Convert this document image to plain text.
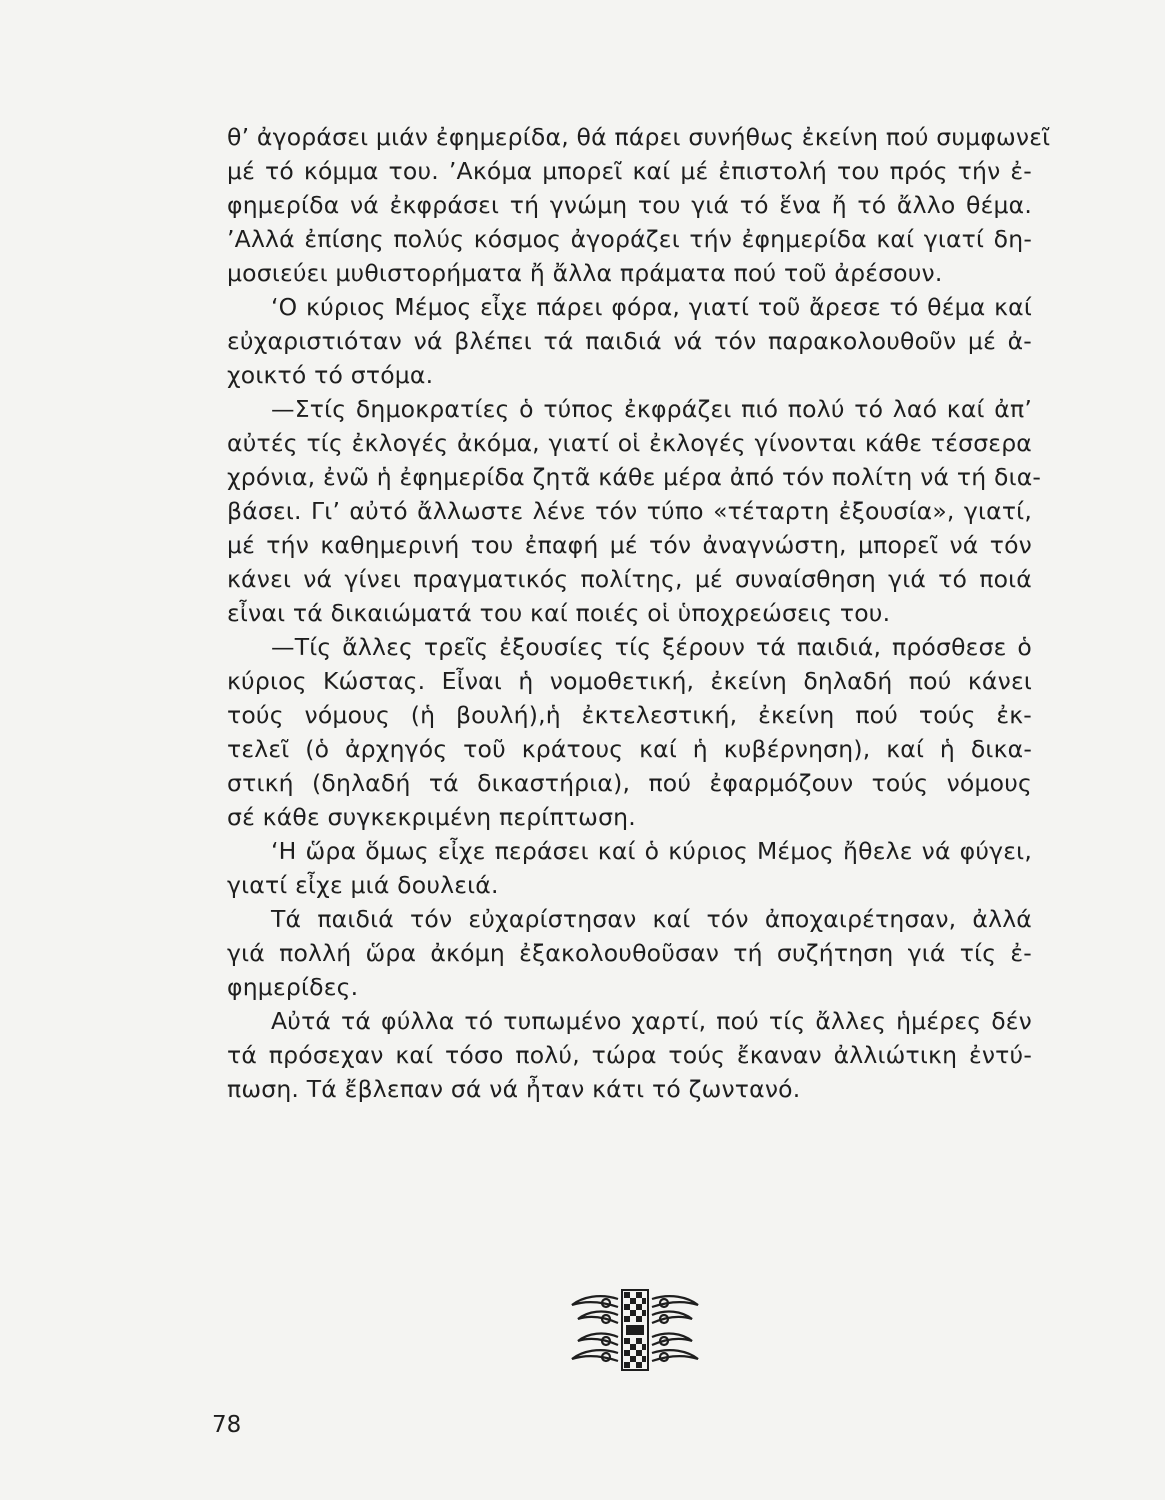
θ’ ἀγοράσει μιάν ἐφημερίδα, θά πάρει συνήθως ἐκείνη πού συμφωνεῖ
μέ τό κόμμα του. ’Ακόμα μπορεῖ καί μέ ἐπιστολή του πρός τήν ἐ-
φημερίδα νά ἐκφράσει τή γνώμη του γιά τό ἕνα ἤ τό ἄλλο θέμα.
’Αλλά ἐπίσης πολύς κόσμος ἀγοράζει τήν ἐφημερίδα καί γιατί δη-
μοσιεύει μυθιστορήματα ἤ ἄλλα πράματα πού τοῦ ἀρέσουν.
‘Ο κύριος Μέμος εἶχε πάρει φόρα, γιατί τοῦ ἄρεσε τό θέμα καί
εὐχαριστιόταν νά βλέπει τά παιδιά νά τόν παρακολουθοῦν μέ ἀ-
χοικτό τό στόμα.
—Στίς δημοκρατίες ὁ τύπος ἐκφράζει πιό πολύ τό λαό καί ἀπ’
αὐτές τίς ἐκλογές ἀκόμα, γιατί οἱ ἐκλογές γίνονται κάθε τέσσερα
χρόνια, ἐνῶ ἡ ἐφημερίδα ζητᾶ κάθε μέρα ἀπό τόν πολίτη νά τή δια-
βάσει. Γι’ αὐτό ἄλλωστε λένε τόν τύπο «τέταρτη ἐξουσία», γιατί,
μέ τήν καθημερινή του ἐπαφή μέ τόν ἀναγνώστη, μπορεῖ νά τόν
κάνει νά γίνει πραγματικός πολίτης, μέ συναίσθηση γιά τό ποιά
εἶναι τά δικαιώματά του καί ποιές οἱ ὑποχρεώσεις του.
—Τίς ἄλλες τρεῖς ἐξουσίες τίς ξέρουν τά παιδιά, πρόσθεσε ὁ
κύριος Κώστας. Εἶναι ἡ νομοθετική, ἐκείνη δηλαδή πού κάνει
τούς νόμους (ἡ βουλή),ἡ ἐκτελεστική, ἐκείνη πού τούς ἐκ-
τελεῖ (ὁ ἀρχηγός τοῦ κράτους καί ἡ κυβέρνηση), καί ἡ δικα-
στική (δηλαδή τά δικαστήρια), πού ἐφαρμόζουν τούς νόμους
σέ κάθε συγκεκριμένη περίπτωση.
‘Η ὥρα ὅμως εἶχε περάσει καί ὁ κύριος Μέμος ἤθελε νά φύγει,
γιατί εἶχε μιά δουλειά.
Τά παιδιά τόν εὐχαρίστησαν καί τόν ἀποχαιρέτησαν, ἀλλά
γιά πολλή ὥρα ἀκόμη ἐξακολουθοῦσαν τή συζήτηση γιά τίς ἐ-
φημερίδες.
Αὐτά τά φύλλα τό τυπωμένο χαρτί, πού τίς ἄλλες ἡμέρες δέν
τά πρόσεχαν καί τόσο πολύ, τώρα τούς ἔκαναν ἀλλιώτικη ἐντύ-
πωση. Τά ἔβλεπαν σά νά ἦταν κάτι τό ζωντανό.
78
